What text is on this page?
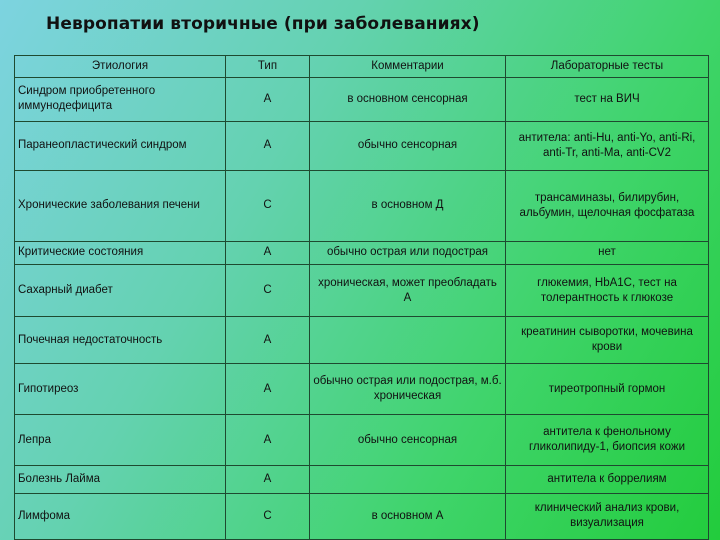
Невропатии вторичные (при заболеваниях)
Этиология	Тип	Комментарии	Лабораторные тесты
Синдром приобретенного иммунодефицита	A	в основном сенсорная	тест на ВИЧ
Паранеопластический синдром	A	обычно сенсорная	антитела: anti-Hu, anti-Yo, anti-Ri, anti-Tr, anti-Ma, anti-CV2
Хронические заболевания печени	C	в основном Д	трансаминазы, билирубин, альбумин, щелочная фосфатаза
Критические состояния	A	обычно острая или подострая	нет
Сахарный диабет	C	хроническая, может преобладать А	глюкемия, HbA1C, тест на толерантность к глюкозе
Почечная недостаточность	A		креатинин сыворотки, мочевина крови
Гипотиреоз	A	обычно острая или подострая, м.б. хроническая	тиреотропный гормон
Лепра	A	обычно сенсорная	антитела к фенольному гликолипиду-1, биопсия кожи
Болезнь Лайма	A		антитела к боррелиям
Лимфома	C	в основном А	клинический анализ крови, визуализация
